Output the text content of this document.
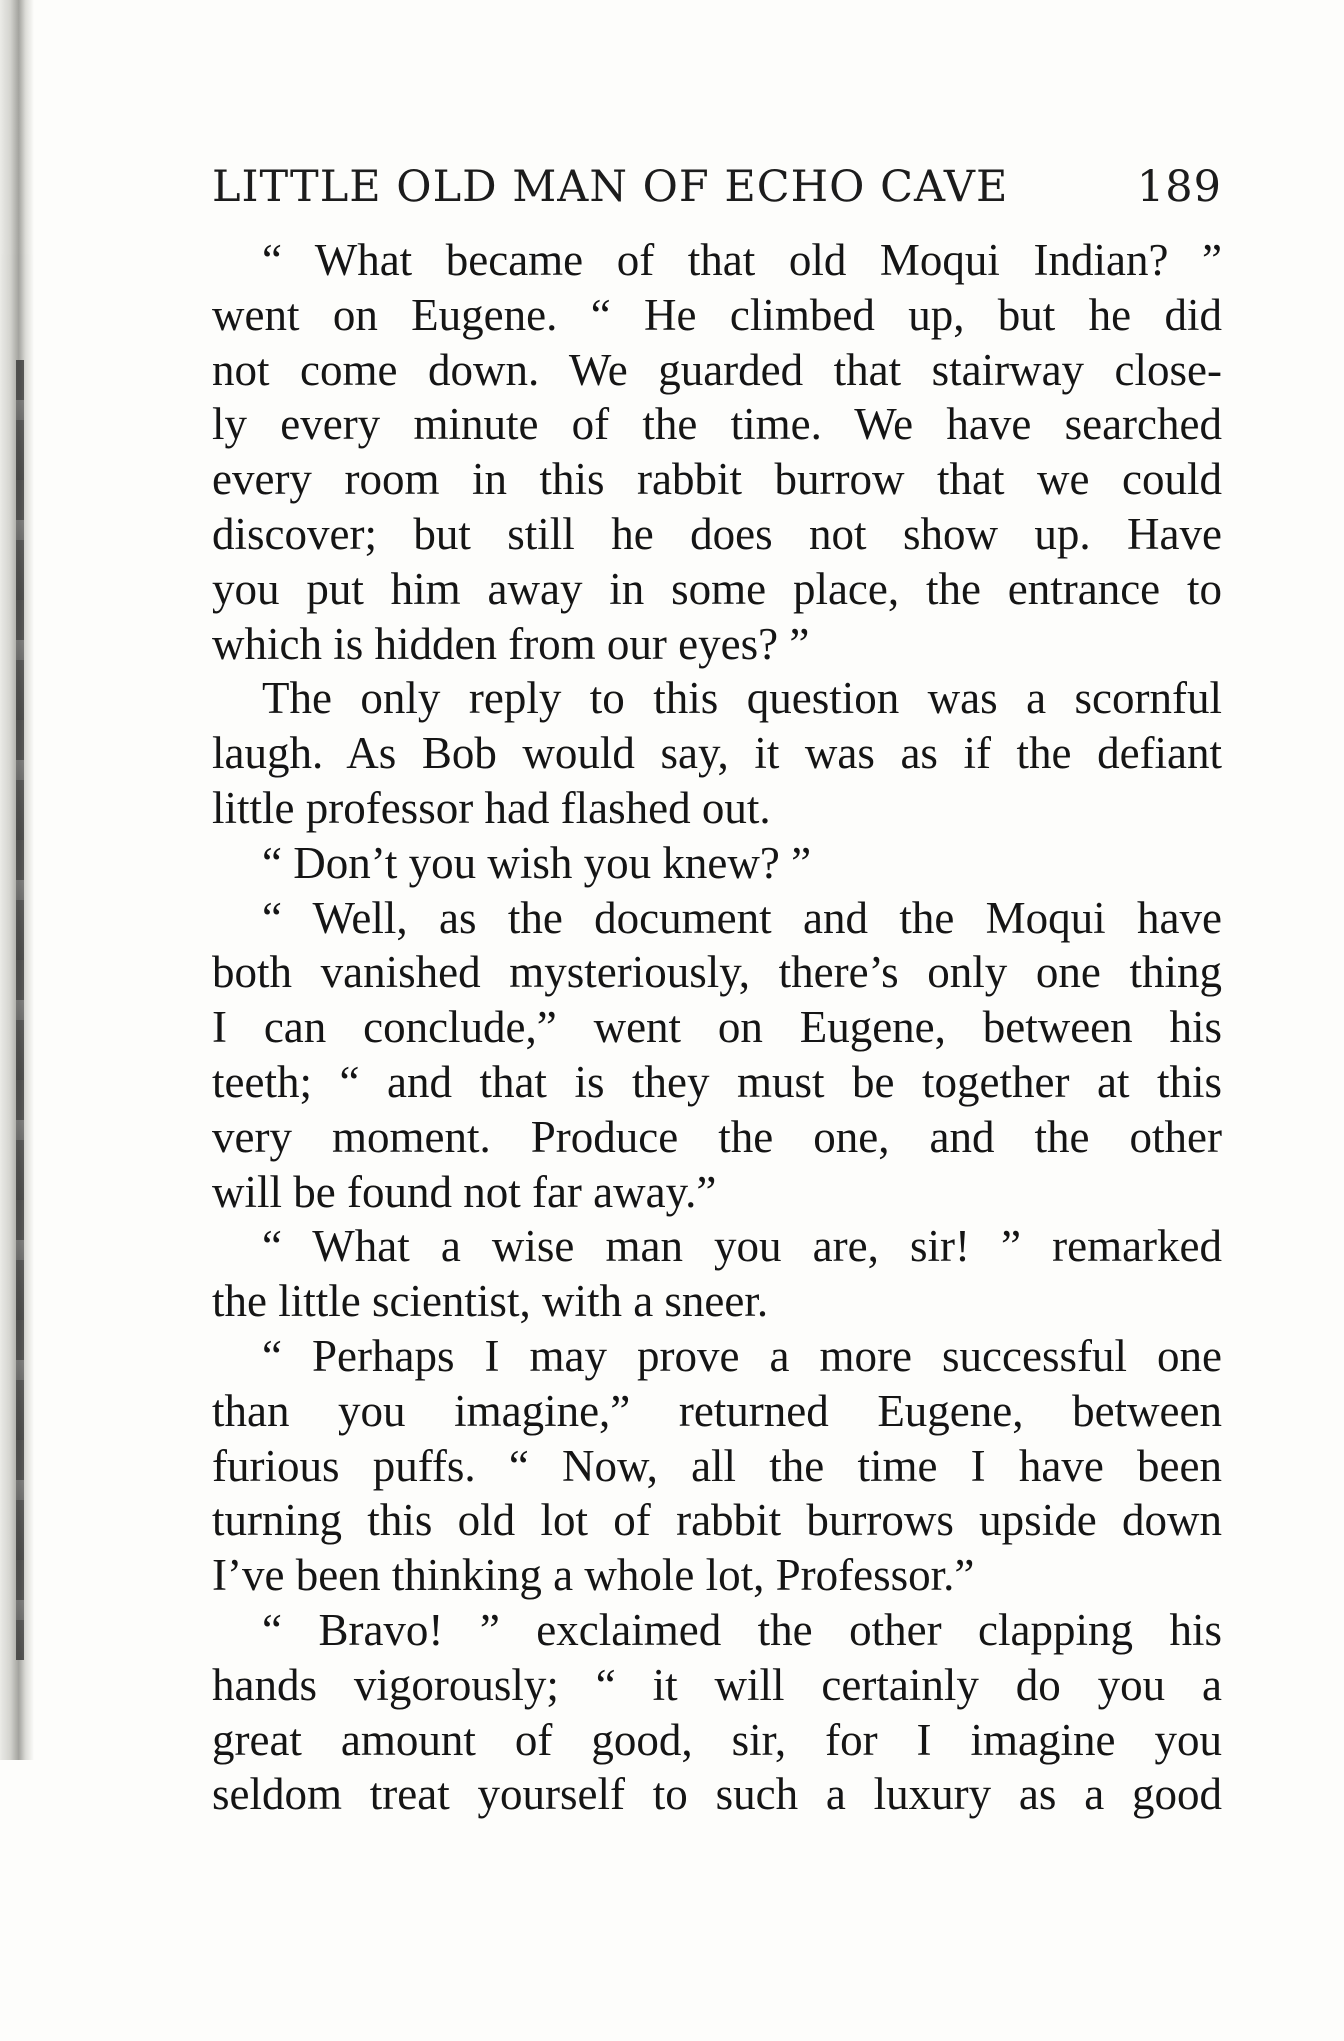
LITTLE OLD MAN OF ECHO CAVE	189
“ What became of that old Moqui Indian? ”
went on Eugene. “ He climbed up, but he did
not come down. We guarded that stairway close-
ly every minute of the time. We have searched
every room in this rabbit burrow that we could
discover; but still he does not show up. Have
you put him away in some place, the entrance to
which is hidden from our eyes? ”
The only reply to this question was a scornful
laugh. As Bob would say, it was as if the defiant
little professor had flashed out.
“ Don’t you wish you knew? ”
“ Well, as the document and the Moqui have
both vanished mysteriously, there’s only one thing
I can conclude,” went on Eugene, between his
teeth; “ and that is they must be together at this
very moment. Produce the one, and the other
will be found not far away.”
“ What a wise man you are, sir! ” remarked
the little scientist, with a sneer.
“ Perhaps I may prove a more successful one
than you imagine,” returned Eugene, between
furious puffs. “ Now, all the time I have been
turning this old lot of rabbit burrows upside down
I’ve been thinking a whole lot, Professor.”
“ Bravo! ” exclaimed the other clapping his
hands vigorously; “ it will certainly do you a
great amount of good, sir, for I imagine you
seldom treat yourself to such a luxury as a good
